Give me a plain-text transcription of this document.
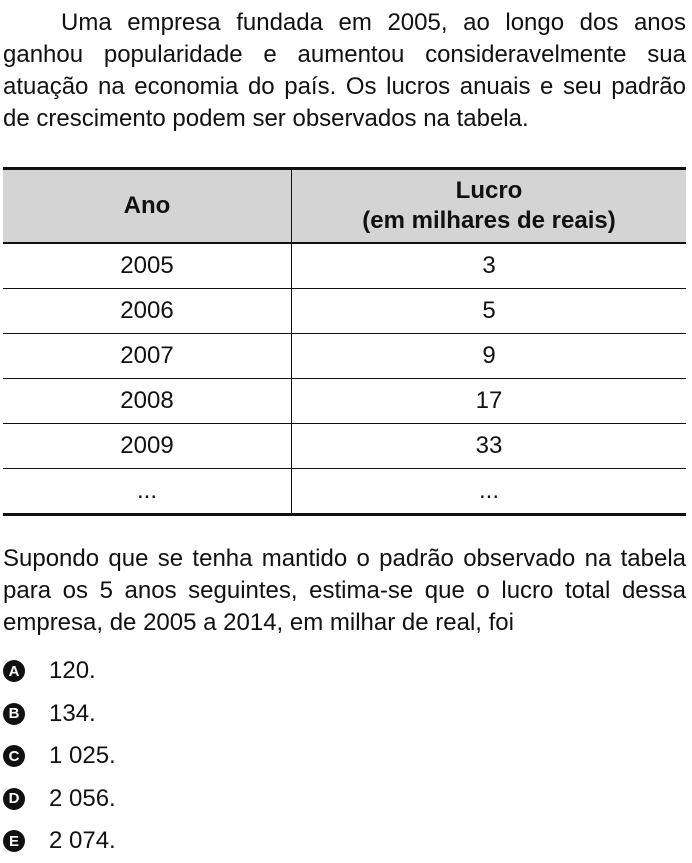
Uma empresa fundada em 2005, ao longo dos anos ganhou popularidade e aumentou consideravelmente sua atuação na economia do país. Os lucros anuais e seu padrão de crescimento podem ser observados na tabela.

Ano	Lucro
(em milhares de reais)

2005	3
2006	5
2007	9
2008	17
2009	33
...	...

Supondo que se tenha mantido o padrão observado na tabela para os 5 anos seguintes, estima-se que o lucro total dessa empresa, de 2005 a 2014, em milhar de real, foi

A 120.
B 134.
C 1 025.
D 2 056.
E 2 074.
